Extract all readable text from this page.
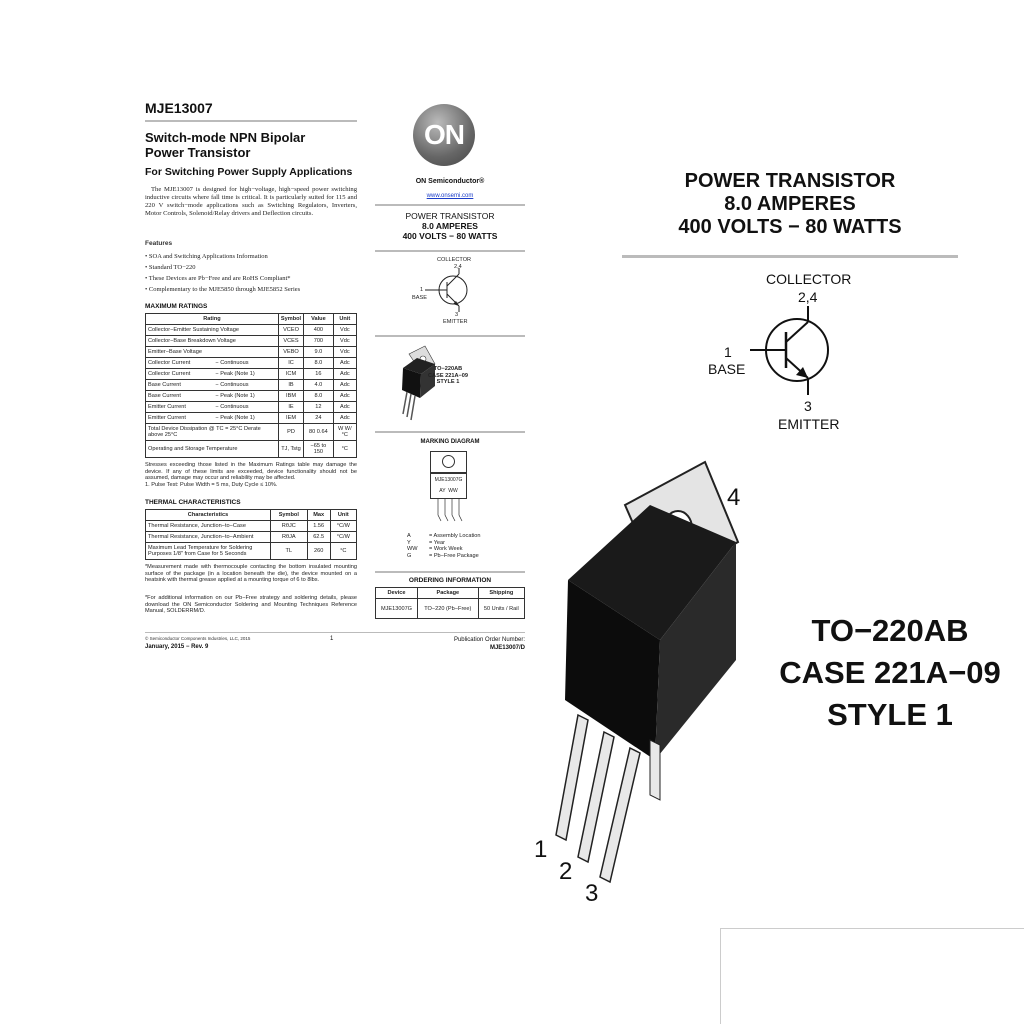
MJE13007
Switch-mode NPN Bipolar
Power Transistor
For Switching Power Supply Applications
The MJE13007 is designed for high−voltage, high−speed power switching inductive circuits where fall time is critical. It is particularly suited for 115 and 220 V switch−mode applications such as Switching Regulators, Inverters, Motor Controls, Solenoid/Relay drivers and Deflection circuits.
Features
• SOA and Switching Applications Information
• Standard TO−220
• These Devices are Pb−Free and are RoHS Compliant*
• Complementary to the MJE5850 through MJE5852 Series
MAXIMUM RATINGS
Rating		Symbol	Value	Unit
Collector−Emitter Sustaining Voltage		VCEO	400	Vdc
Collector−Base Breakdown Voltage		VCES	700	Vdc
Emitter−Base Voltage		VEBO	9.0	Vdc
Collector Current	− Continuous	IC	8.0	Adc
Collector Current	− Peak (Note 1)	ICM	16	Adc
Base Current	− Continuous	IB	4.0	Adc
Base Current	− Peak (Note 1)	IBM	8.0	Adc
Emitter Current	− Continuous	IE	12	Adc
Emitter Current	− Peak (Note 1)	IEM	24	Adc
Total Device Dissipation @ TC = 25°C Derate above 25°C		PD	80 0.64	W W/°C
Operating and Storage Temperature		TJ, Tstg	−65 to 150	°C
Stresses exceeding those listed in the Maximum Ratings table may damage the device. If any of these limits are exceeded, device functionality should not be assumed, damage may occur and reliability may be affected.
1. Pulse Test: Pulse Width = 5 ms, Duty Cycle ≤ 10%.
THERMAL CHARACTERISTICS
Characteristics	Symbol	Max	Unit
Thermal Resistance, Junction−to−Case	RθJC	1.56	°C/W
Thermal Resistance, Junction−to−Ambient	RθJA	62.5	°C/W
Maximum Lead Temperature for Soldering Purposes 1/8″ from Case for 5 Seconds	TL	260	°C
*Measurement made with thermocouple contacting the bottom insulated mounting surface of the package (in a location beneath the die), the device mounted on a heatsink with thermal grease applied at a mounting torque of 6 to 8lbs.
*For additional information on our Pb−Free strategy and soldering details, please download the ON Semiconductor Soldering and Mounting Techniques Reference Manual, SOLDERRM/D.
© Semiconductor Components Industries, LLC, 2015
January, 2015 − Rev. 9
1	Publication Order Number:
MJE13007/D
ON
ON Semiconductor®
www.onsemi.com
POWER TRANSISTOR
8.0 AMPERES
400 VOLTS − 80 WATTS
COLLECTOR
2,4
1
BASE
3
EMITTER
TO−220AB
CASE 221A−09
STYLE 1
MARKING DIAGRAM
MJE13007G
AY  WW
A	= Assembly Location
Y	= Year
WW	= Work Week
G	= Pb−Free Package
ORDERING INFORMATION
Device	Package	Shipping
MJE13007G	TO−220 (Pb−Free)	50 Units / Rail
POWER TRANSISTOR
8.0 AMPERES
400 VOLTS − 80 WATTS
COLLECTOR
2,4
1
BASE
3
EMITTER
1
2
3
4
TO−220AB
CASE 221A−09
STYLE 1
